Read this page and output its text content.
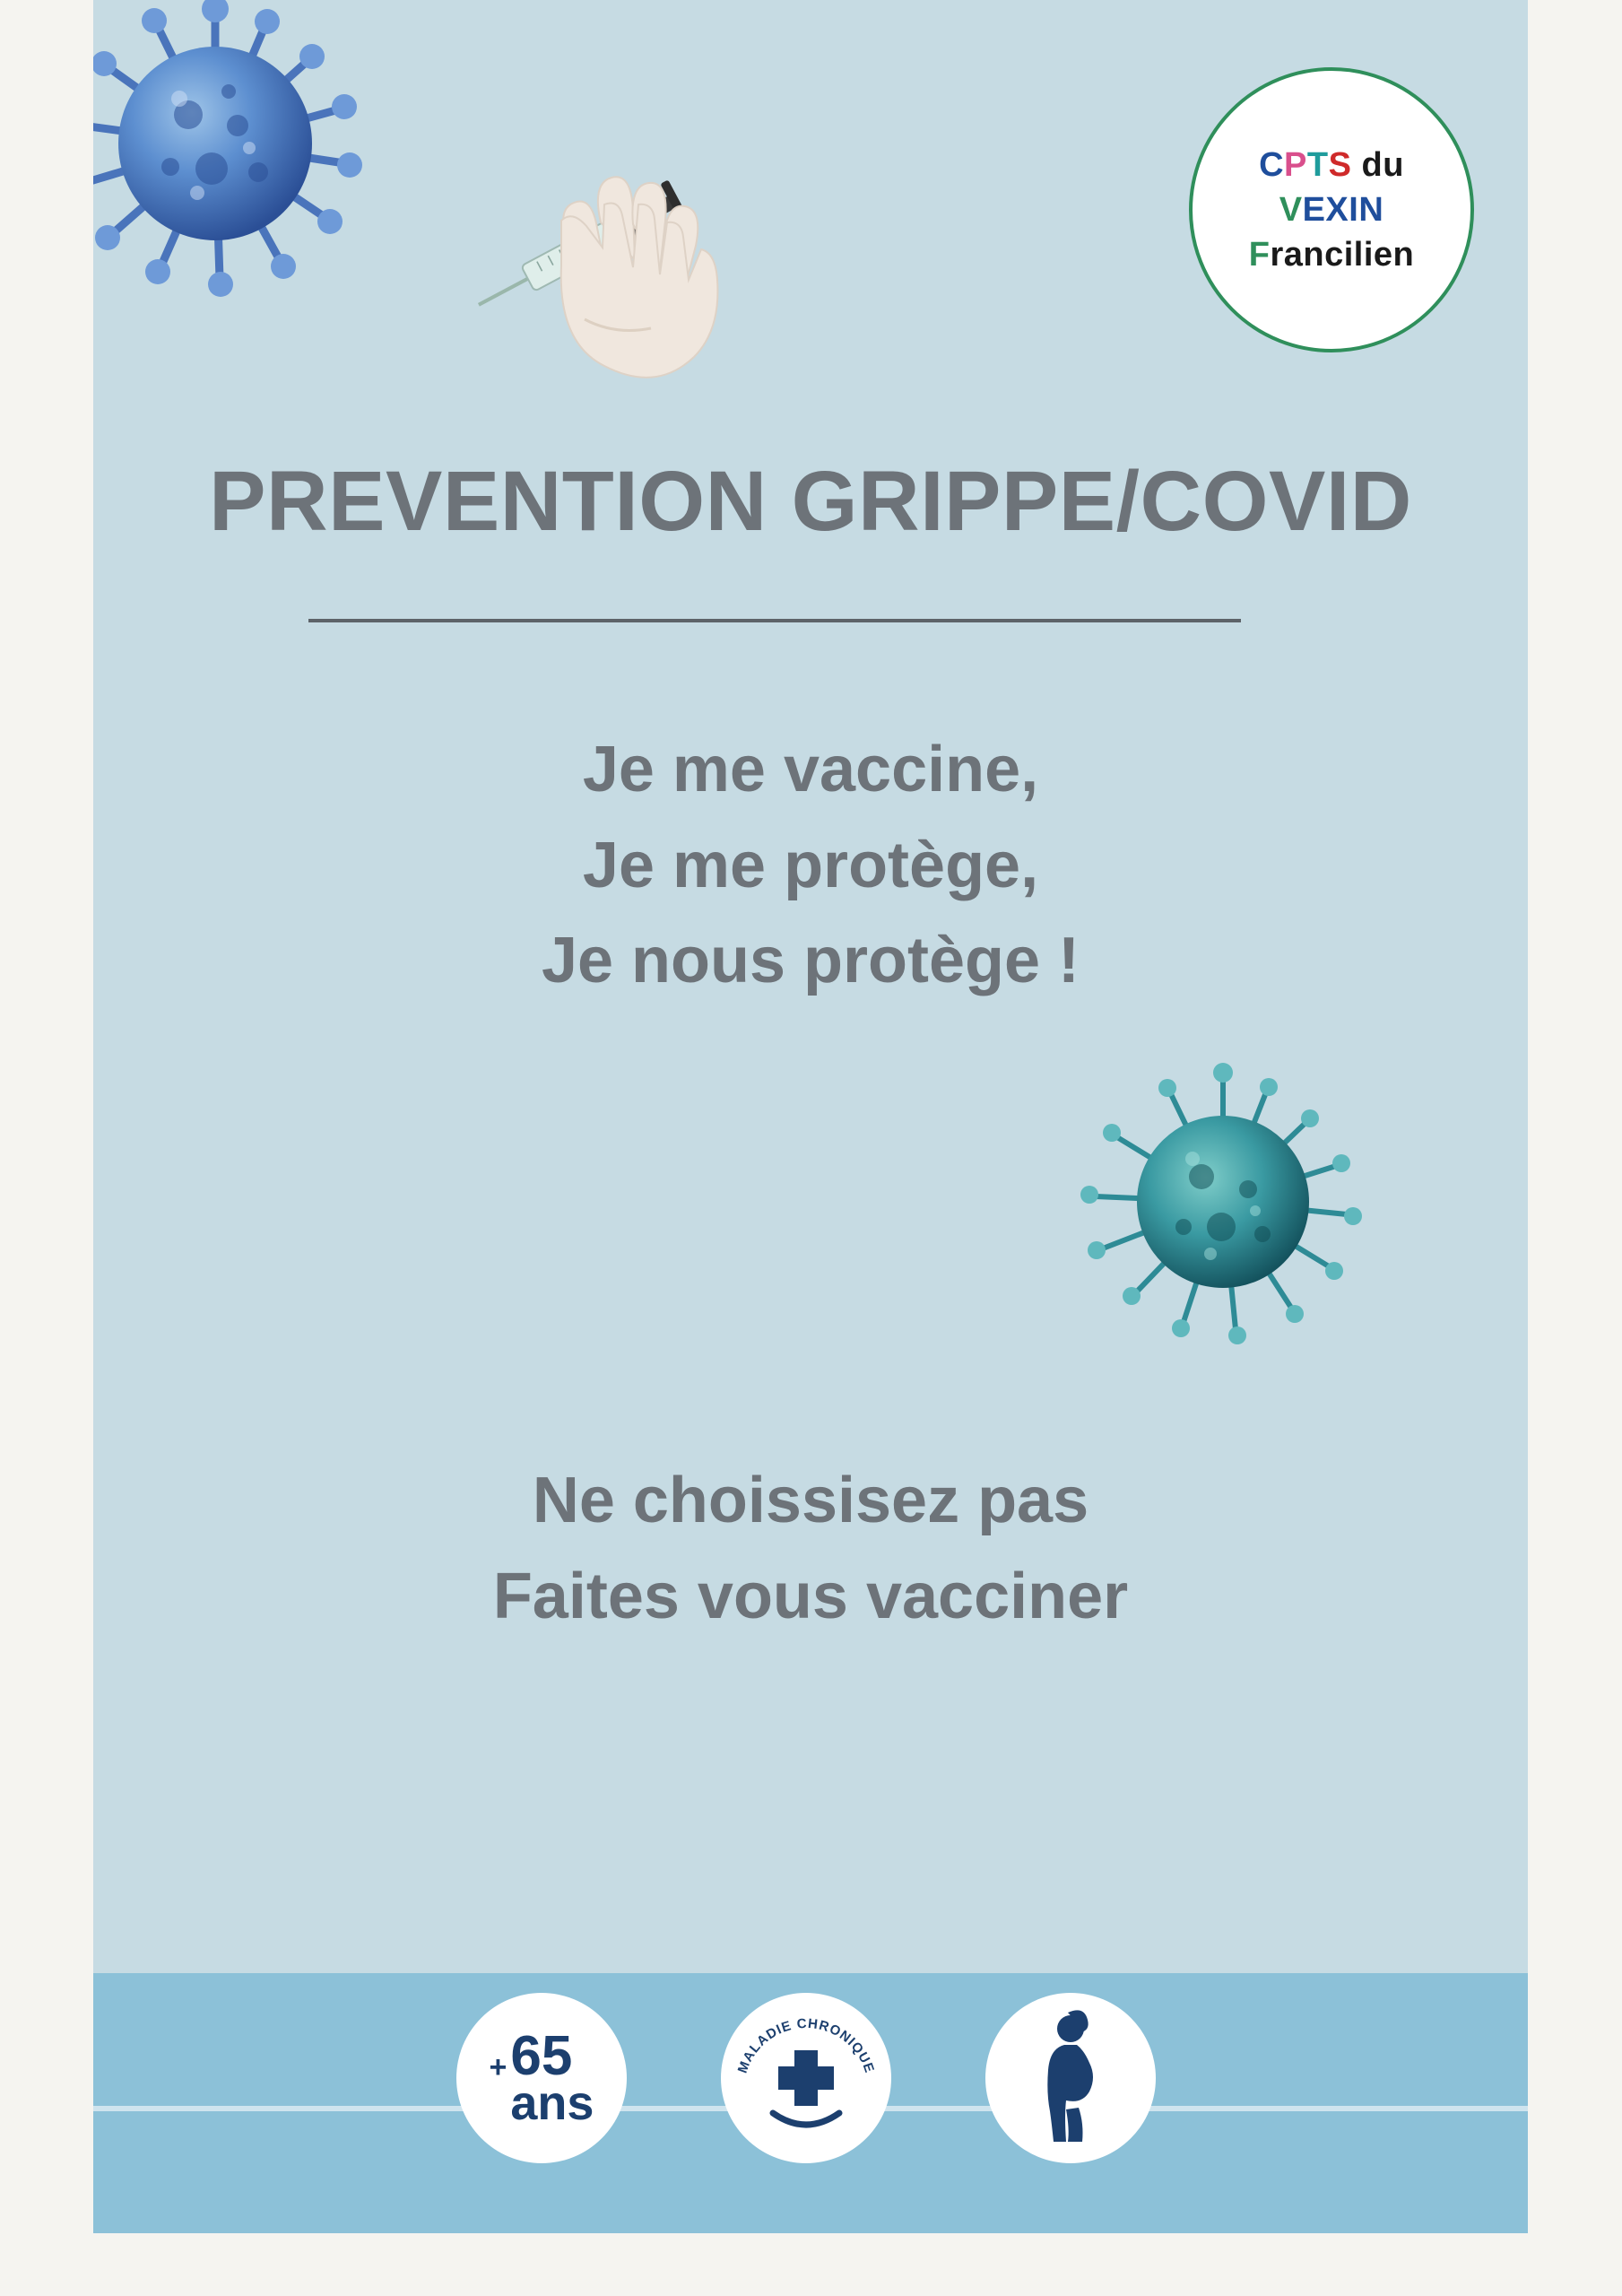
CPTS du
VEXIN
Francilien
PREVENTION GRIPPE/COVID
Je me vaccine,
Je me protège,
Je nous protège !
Ne choissisez pas
Faites vous vacciner
+ 65
ans
MALADIE CHRONIQUE
